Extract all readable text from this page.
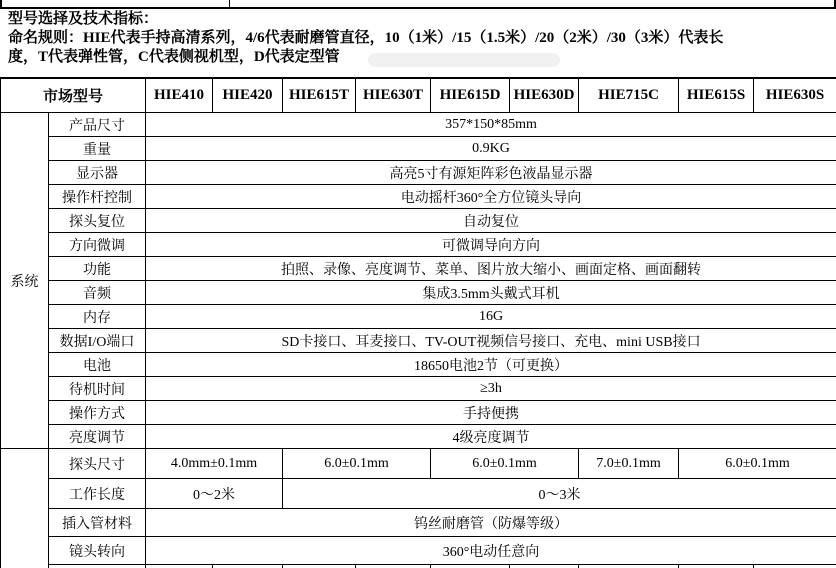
型号选择及技术指标：
命名规则：HIE代表手持高清系列，4/6代表耐磨管直径，10（1米）/15（1.5米）/20（2米）/30（3米）代表长
度，T代表弹性管，C代表侧视机型，D代表定型管
市场型号		HIE410	HIE420	HIE615T	HIE630T	HIE615D	HIE630D	HIE715C	HIE615S	HIE630S
系统	产品尺寸	357*150*85mm								
	重量	0.9KG								
	显示器	高亮5寸有源矩阵彩色液晶显示器								
	操作杆控制	电动摇杆360°全方位镜头导向								
	探头复位	自动复位								
	方向微调	可微调导向方向								
	功能	拍照、录像、亮度调节、菜单、图片放大缩小、画面定格、画面翻转								
	音频	集成3.5mm头戴式耳机								
	内存	16G								
	数据I/O端口	SD卡接口、耳麦接口、TV-OUT视频信号接口、充电、mini USB接口								
	电池	18650电池2节（可更换）								
	待机时间	≥3h								
	操作方式	手持便携								
	亮度调节	4级亮度调节								
	探头尺寸	4.0mm±0.1mm		6.0±0.1mm		6.0±0.1mm		7.0±0.1mm	6.0±0.1mm	
	工作长度	0～2米		0～3米						
	插入管材料	钨丝耐磨管（防爆等级）								
	镜头转向	360°电动任意向								
